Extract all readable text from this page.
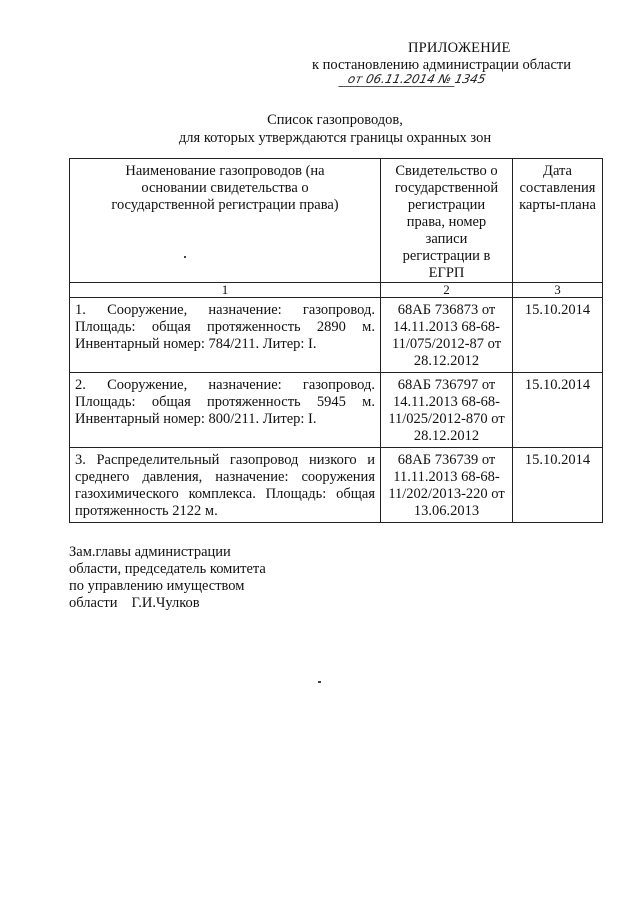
ПРИЛОЖЕНИЕ
к постановлению администрации области
от 06.11.2014 № 1345
Список газопроводов,
для которых утверждаются границы охранных зон
Наименование газопроводов (на основании свидетельства о государственной регистрации права)	Свидетельство о государственной регистрации права, номер записи регистрации в ЕГРП	Дата составления карты-плана
1	2	3
1. Сооружение, назначение: газопровод. Площадь: общая протяженность 2890 м. Инвентарный номер: 784/211. Литер: I.	68АБ 736873 от 14.11.2013 68-68-11/075/2012-87 от 28.12.2012	15.10.2014
2. Сооружение, назначение: газопровод. Площадь: общая протяженность 5945 м. Инвентарный номер: 800/211. Литер: I.	68АБ 736797 от 14.11.2013 68-68-11/025/2012-870 от 28.12.2012	15.10.2014
3. Распределительный газопровод низкого и среднего давления, назначение: сооружения газохимического комплекса. Площадь: общая протяженность 2122 м.	68АБ 736739 от 11.11.2013 68-68-11/202/2013-220 от 13.06.2013	15.10.2014
Зам.главы администрации
области, председатель комитета
по управлению имуществом
области Г.И.Чулков
